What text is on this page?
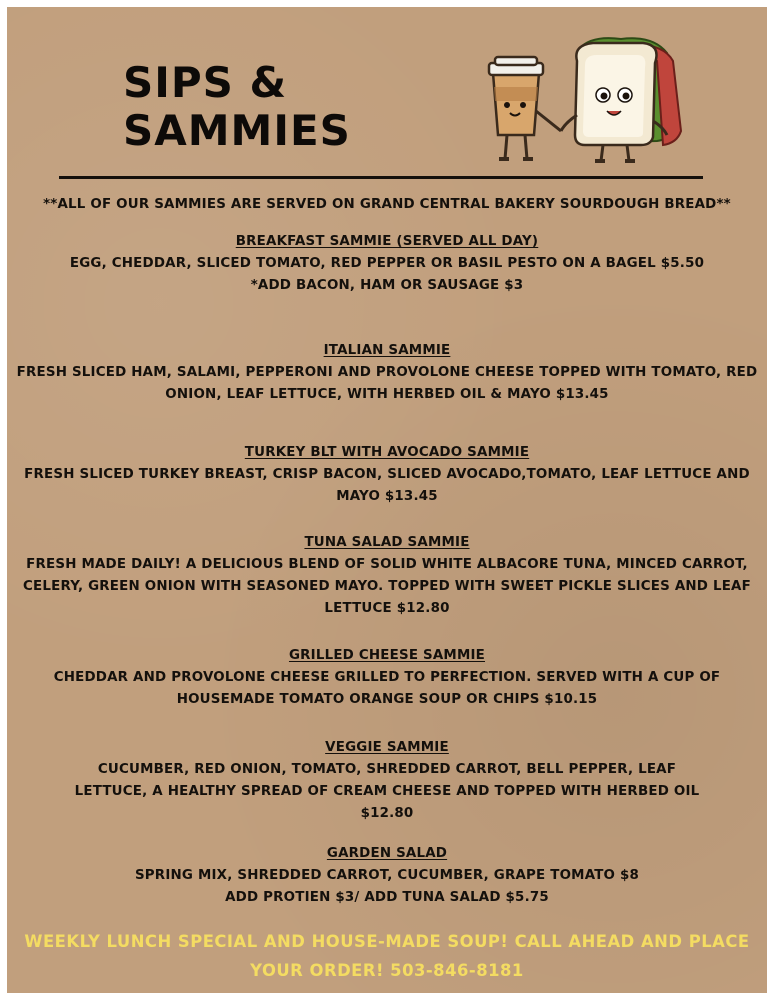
SIPS &
SAMMIES
**ALL OF OUR SAMMIES ARE SERVED ON GRAND CENTRAL BAKERY SOURDOUGH BREAD**
BREAKFAST SAMMIE (SERVED ALL DAY)
EGG, CHEDDAR, SLICED TOMATO, RED PEPPER OR BASIL PESTO ON A BAGEL $5.50
*ADD BACON, HAM OR SAUSAGE $3
ITALIAN SAMMIE
FRESH SLICED HAM, SALAMI, PEPPERONI AND PROVOLONE CHEESE TOPPED WITH TOMATO, RED
ONION, LEAF LETTUCE, WITH HERBED OIL & MAYO $13.45
TURKEY BLT WITH AVOCADO SAMMIE
FRESH SLICED TURKEY BREAST, CRISP BACON, SLICED AVOCADO,TOMATO, LEAF LETTUCE AND
MAYO $13.45
TUNA SALAD SAMMIE
FRESH MADE DAILY! A DELICIOUS BLEND OF SOLID WHITE ALBACORE TUNA, MINCED CARROT,
CELERY, GREEN ONION WITH SEASONED MAYO. TOPPED WITH SWEET PICKLE SLICES AND LEAF
LETTUCE $12.80
GRILLED CHEESE SAMMIE
CHEDDAR AND PROVOLONE CHEESE GRILLED TO PERFECTION. SERVED WITH A CUP OF
HOUSEMADE TOMATO ORANGE SOUP OR CHIPS $10.15
VEGGIE SAMMIE
CUCUMBER, RED ONION, TOMATO, SHREDDED CARROT, BELL PEPPER, LEAF
LETTUCE, A HEALTHY SPREAD OF CREAM CHEESE AND TOPPED WITH HERBED OIL
$12.80
GARDEN SALAD
SPRING MIX, SHREDDED CARROT, CUCUMBER, GRAPE TOMATO $8
ADD PROTIEN $3/ ADD TUNA SALAD $5.75
WEEKLY LUNCH SPECIAL AND HOUSE-MADE SOUP! CALL AHEAD AND PLACE
YOUR ORDER! 503-846-8181
